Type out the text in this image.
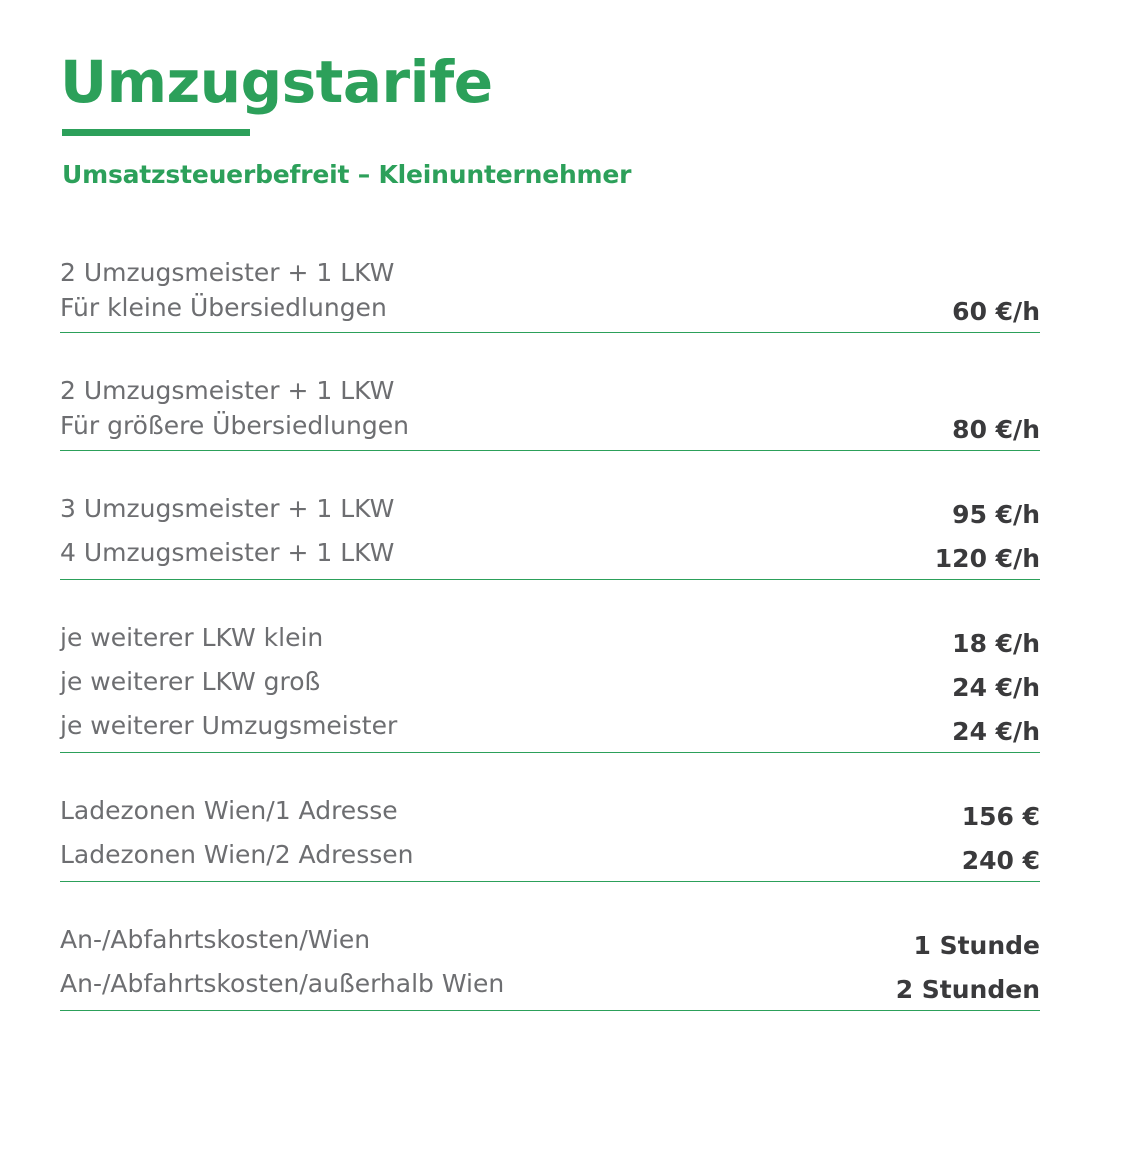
Umzugstarife
Umsatzsteuerbefreit – Kleinunternehmer
2 Umzugsmeister + 1 LKW
Für kleine Übersiedlungen	60 €/h
2 Umzugsmeister + 1 LKW
Für größere Übersiedlungen	80 €/h
3 Umzugsmeister + 1 LKW	95 €/h
4 Umzugsmeister + 1 LKW	120 €/h
je weiterer LKW klein	18 €/h
je weiterer LKW groß	24 €/h
je weiterer Umzugsmeister	24 €/h
Ladezonen Wien/1 Adresse	156 €
Ladezonen Wien/2 Adressen	240 €
An-/Abfahrtskosten/Wien	1 Stunde
An-/Abfahrtskosten/außerhalb Wien	2 Stunden
